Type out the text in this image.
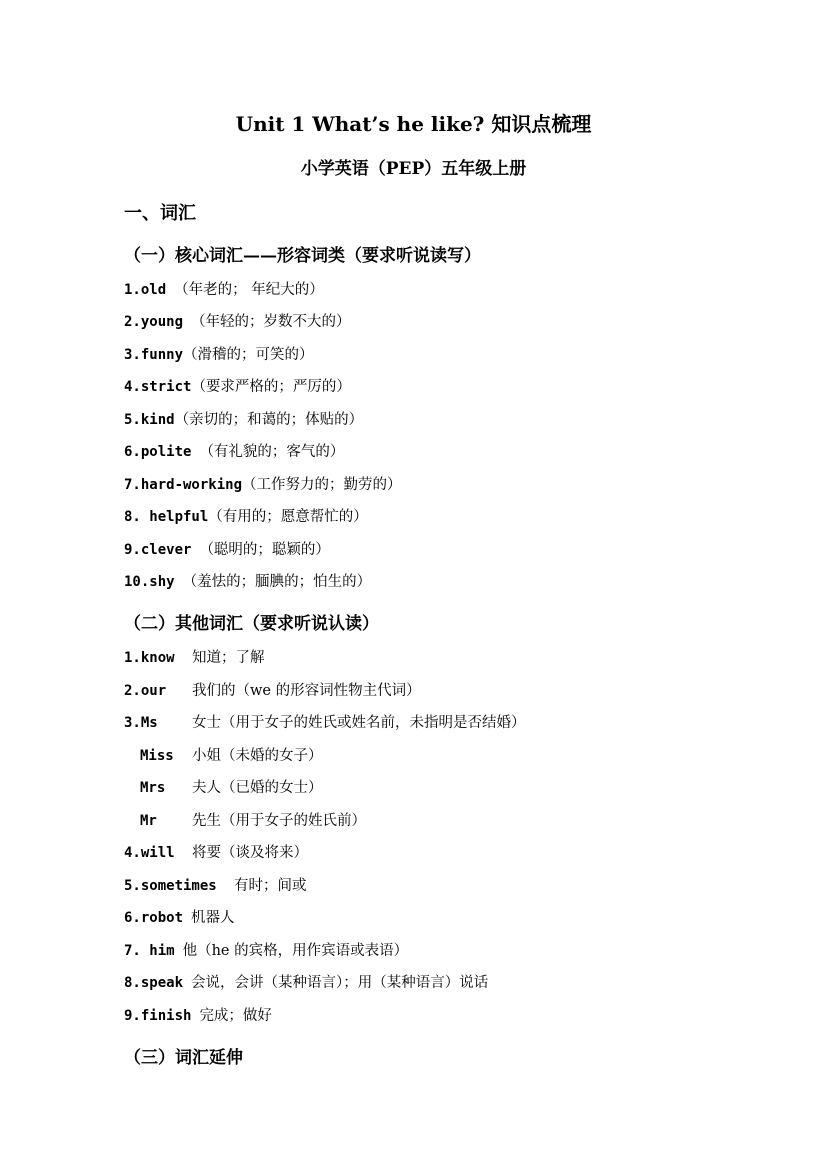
Unit 1 What’s he like? 知识点梳理
小学英语（PEP）五年级上册
一、词汇
（一）核心词汇——形容词类（要求听说读写）
1.old （年老的； 年纪大的）
2.young （年轻的；岁数不大的）
3.funny（滑稽的；可笑的）
4.strict（要求严格的；严厉的）
5.kind（亲切的；和蔼的；体贴的）
6.polite （有礼貌的；客气的）
7.hard-working（工作努力的；勤劳的）
8. helpful（有用的；愿意帮忙的）
9.clever （聪明的；聪颖的）
10.shy （羞怯的；腼腆的；怕生的）
（二）其他词汇（要求听说认读）
1.know 知道；了解
2.our 我们的（we 的形容词性物主代词）
3.Ms 女士（用于女子的姓氏或姓名前，未指明是否结婚）
Miss 小姐（未婚的女子）
Mrs 夫人（已婚的女士）
Mr 先生（用于女子的姓氏前）
4.will 将要（谈及将来）
5.sometimes 有时；间或
6.robot 机器人
7. him 他（he 的宾格，用作宾语或表语）
8.speak 会说，会讲（某种语言）；用（某种语言）说话
9.finish 完成；做好
（三）词汇延伸
